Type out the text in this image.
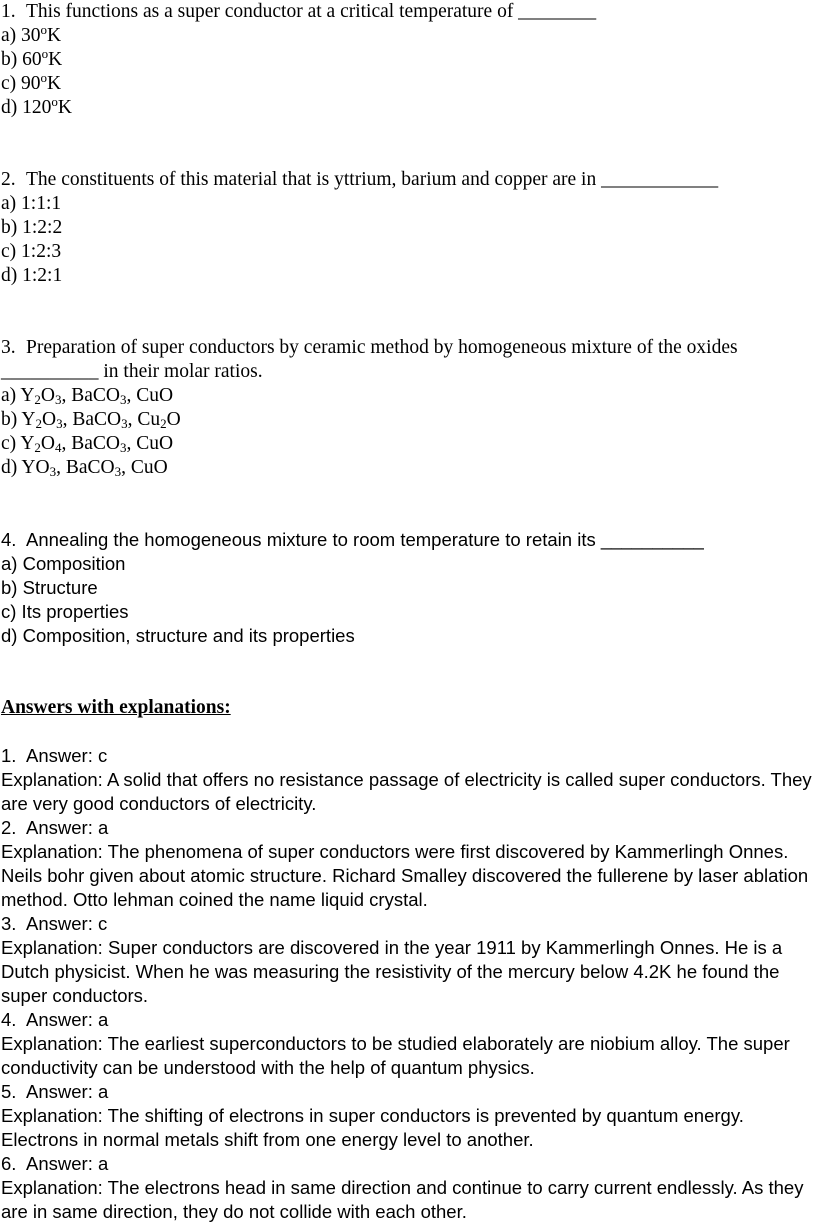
1. This functions as a super conductor at a critical temperature of ________
a) 30$^o$K
b) 60$^o$K
c) 90$^o$K
d) 120$^o$K
2. The constituents of this material that is yttrium, barium and copper are in ____________
a) 1:1:1
b) 1:2:2
c) 1:2:3
d) 1:2:1
3. Preparation of super conductors by ceramic method by homogeneous mixture of the oxides
__________ in their molar ratios.
a) $Y_2O_3$, BaCO$_3$, CuO
b) $Y_2O_3$, BaCO$_3$, $Cu_2O$
c) $Y_2O_4$, BaCO$_3$, CuO
d) $YO_3$, BaCO$_3$, CuO
4. Annealing the homogeneous mixture to room temperature to retain its __________
a) Composition
b) Structure
c) Its properties
d) Composition, structure and its properties
Answers with explanations:
1. Answer: c
Explanation: A solid that offers no resistance passage of electricity is called super conductors. They are very good conductors of electricity.
2. Answer: a
Explanation: The phenomena of super conductors were first discovered by Kammerlingh Onnes. Neils bohr given about atomic structure. Richard Smalley discovered the fullerene by laser ablation method. Otto lehman coined the name liquid crystal.
3. Answer: c
Explanation: Super conductors are discovered in the year 1911 by Kammerlingh Onnes. He is a Dutch physicist. When he was measuring the resistivity of the mercury below 4.2K he found the super conductors.
4. Answer: a
Explanation: The earliest superconductors to be studied elaborately are niobium alloy. The super conductivity can be understood with the help of quantum physics.
5. Answer: a
Explanation: The shifting of electrons in super conductors is prevented by quantum energy. Electrons in normal metals shift from one energy level to another.
6. Answer: a
Explanation: The electrons head in same direction and continue to carry current endlessly. As they are in same direction, they do not collide with each other.
